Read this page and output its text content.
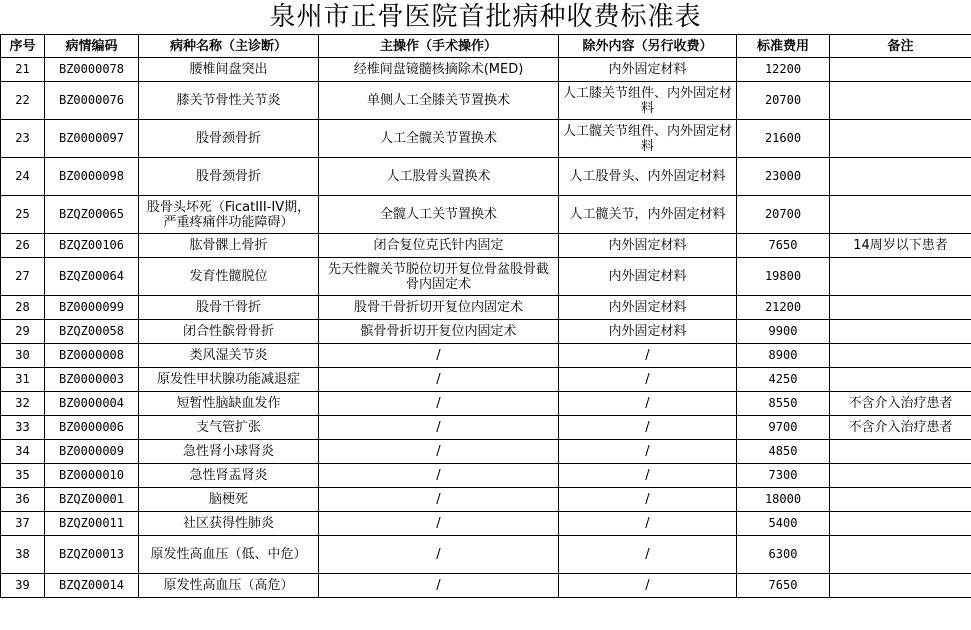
泉州市正骨医院首批病种收费标准表
序号	病情编码	病种名称（主诊断）	主操作（手术操作）	除外内容（另行收费）	标准费用	备注

21	BZ0000078	腰椎间盘突出	经椎间盘镜髓核摘除术(MED)	内外固定材料	12200	

22	BZ0000076	膝关节骨性关节炎	单侧人工全膝关节置换术	人工膝关节组件、内外固定材料	20700	

23	BZ0000097	股骨颈骨折	人工全髋关节置换术	人工髋关节组件、内外固定材料	21600	

24	BZ0000098	股骨颈骨折	人工股骨头置换术	人工股骨头、内外固定材料	23000	

25	BZQZ00065	股骨头坏死（FicatIII-IV期，严重疼痛伴功能障碍）	全髋人工关节置换术	人工髋关节，内外固定材料	20700	

26	BZQZ00106	肱骨髁上骨折	闭合复位克氏针内固定	内外固定材料	7650	14周岁以下患者

27	BZQZ00064	发育性髋脱位	先天性髋关节脱位切开复位骨盆股骨截骨内固定术	内外固定材料	19800	

28	BZ0000099	股骨干骨折	股骨干骨折切开复位内固定术	内外固定材料	21200	

29	BZQZ00058	闭合性髌骨骨折	髌骨骨折切开复位内固定术	内外固定材料	9900	

30	BZ0000008	类风湿关节炎	/	/	8900	

31	BZ0000003	原发性甲状腺功能减退症	/	/	4250	

32	BZ0000004	短暂性脑缺血发作	/	/	8550	不含介入治疗患者

33	BZ0000006	支气管扩张	/	/	9700	不含介入治疗患者

34	BZ0000009	急性肾小球肾炎	/	/	4850	

35	BZ0000010	急性肾盂肾炎	/	/	7300	

36	BZQZ00001	脑梗死	/	/	18000	

37	BZQZ00011	社区获得性肺炎	/	/	5400	

38	BZQZ00013	原发性高血压（低、中危）	/	/	6300	

39	BZQZ00014	原发性高血压（高危）	/	/	7650	
